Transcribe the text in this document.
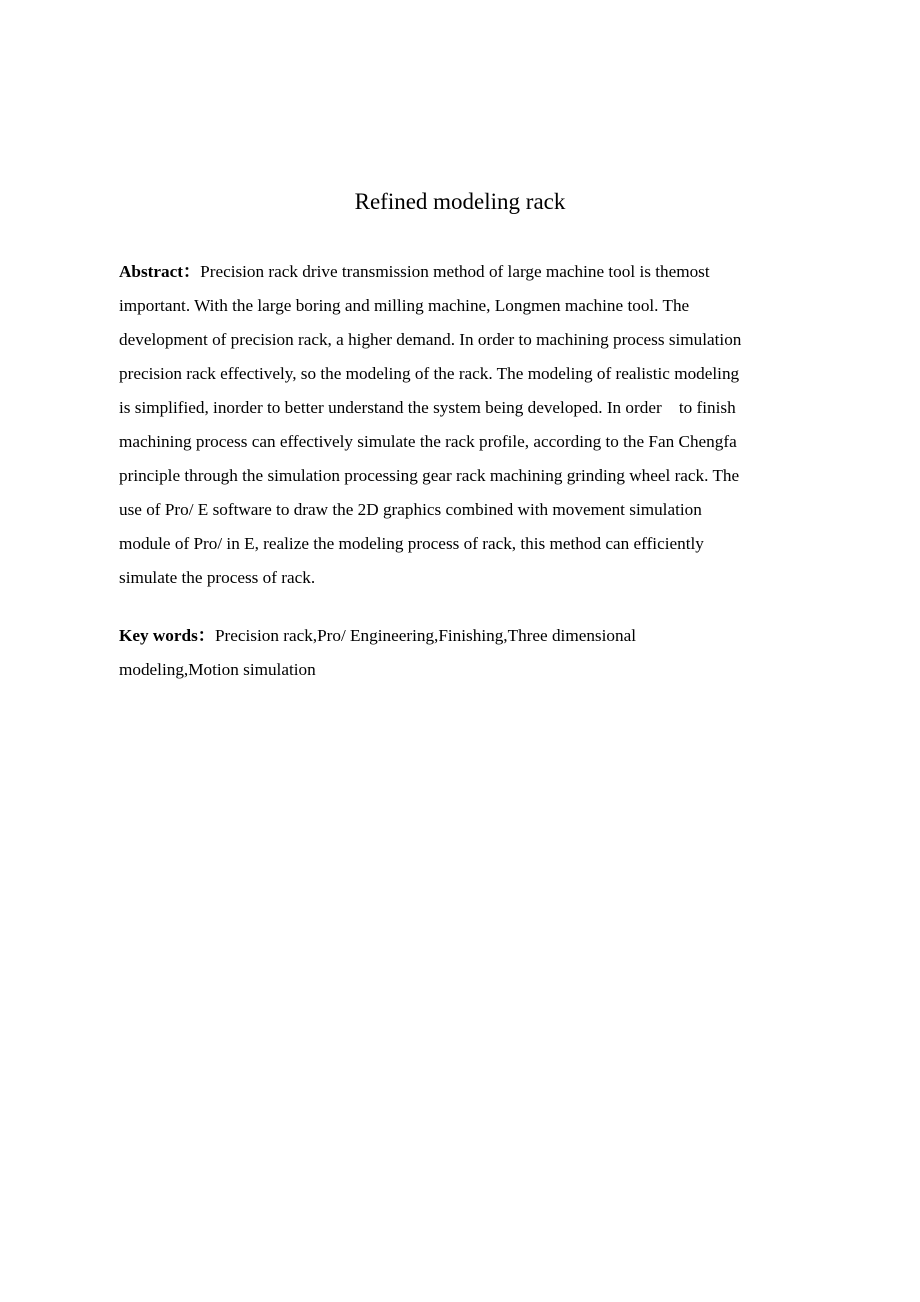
Refined modeling rack
Abstract：Precision rack drive transmission method of large machine tool is themost
important. With the large boring and milling machine, Longmen machine tool. The
development of precision rack, a higher demand. In order to machining process simulation
precision rack effectively, so the modeling of the rack. The modeling of realistic modeling
is simplified, inorder to better understand the system being developed. In order    to finish
machining process can effectively simulate the rack profile, according to the Fan Chengfa
principle through the simulation processing gear rack machining grinding wheel rack. The
use of Pro/ E software to draw the 2D graphics combined with movement simulation
module of Pro/ in E, realize the modeling process of rack, this method can efficiently
simulate the process of rack.
Key words：Precision rack,Pro/ Engineering,Finishing,Three dimensional
modeling,Motion simulation
